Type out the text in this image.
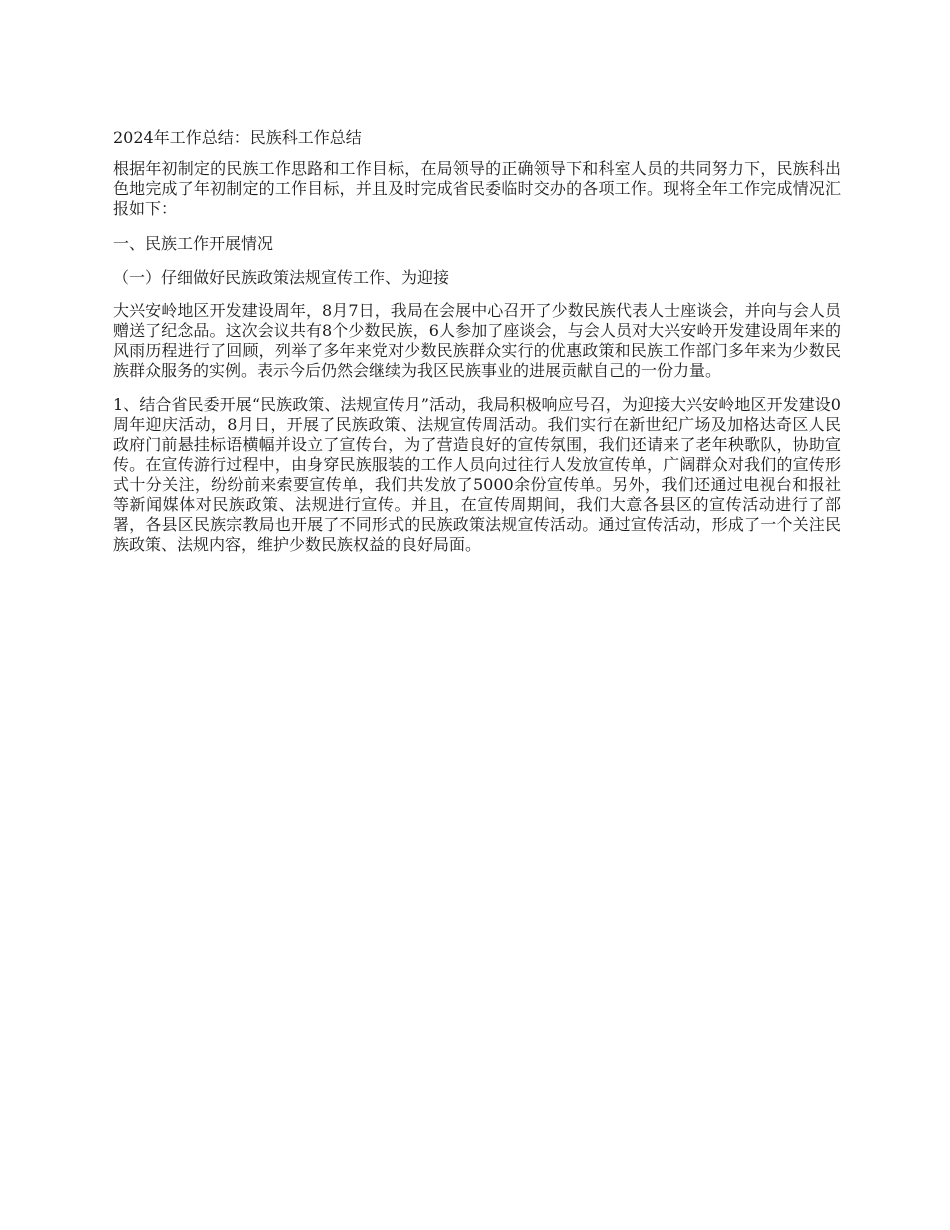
2024年工作总结：民族科工作总结
根据年初制定的民族工作思路和工作目标，在局领导的正确领导下和科室人员的共同努力下，民族科出色地完成了年初制定的工作目标，并且及时完成省民委临时交办的各项工作。现将全年工作完成情况汇报如下：
一、民族工作开展情况
（一）仔细做好民族政策法规宣传工作、为迎接
大兴安岭地区开发建设周年，8月7日，我局在会展中心召开了少数民族代表人士座谈会，并向与会人员赠送了纪念品。这次会议共有8个少数民族，6人参加了座谈会，与会人员对大兴安岭开发建设周年来的风雨历程进行了回顾，列举了多年来党对少数民族群众实行的优惠政策和民族工作部门多年来为少数民族群众服务的实例。表示今后仍然会继续为我区民族事业的进展贡献自己的一份力量。
1、结合省民委开展“民族政策、法规宣传月”活动，我局积极响应号召，为迎接大兴安岭地区开发建设0周年迎庆活动，8月日，开展了民族政策、法规宣传周活动。我们实行在新世纪广场及加格达奇区人民政府门前悬挂标语横幅并设立了宣传台，为了营造良好的宣传氛围，我们还请来了老年秧歌队，协助宣传。在宣传游行过程中，由身穿民族服装的工作人员向过往行人发放宣传单，广阔群众对我们的宣传形式十分关注，纷纷前来索要宣传单，我们共发放了5000余份宣传单。另外，我们还通过电视台和报社等新闻媒体对民族政策、法规进行宣传。并且，在宣传周期间，我们大意各县区的宣传活动进行了部署，各县区民族宗教局也开展了不同形式的民族政策法规宣传活动。通过宣传活动，形成了一个关注民族政策、法规内容，维护少数民族权益的良好局面。
